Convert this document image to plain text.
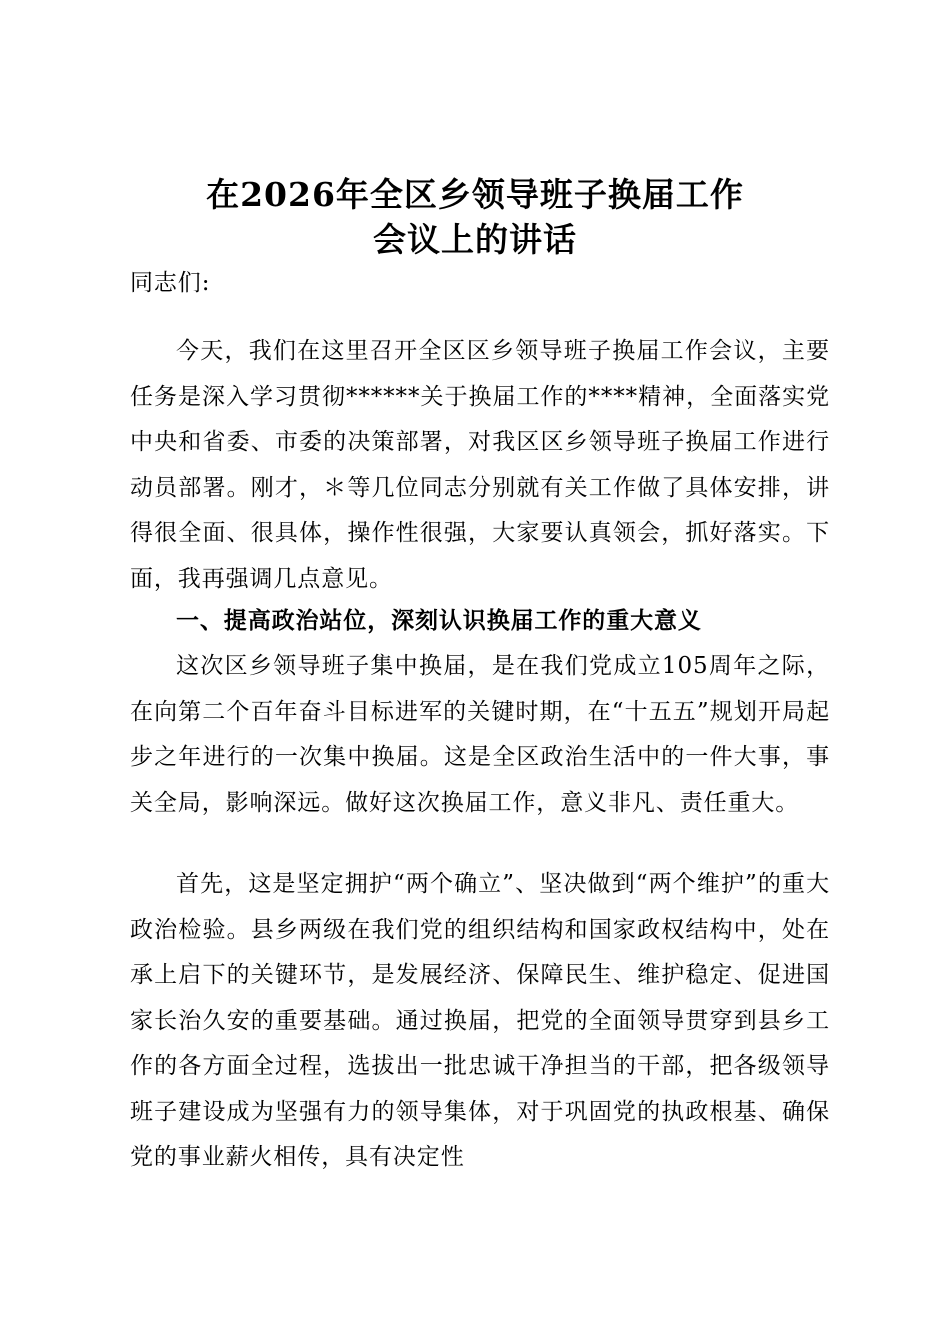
在2026年全区乡领导班子换届工作
会议上的讲话
同志们:

今天，我们在这里召开全区区乡领导班子换届工作会议，主要任务是深入学习贯彻******关于换届工作的****精神，全面落实党中央和省委、市委的决策部署，对我区区乡领导班子换届工作进行动员部署。刚才，＊等几位同志分别就有关工作做了具体安排，讲得很全面、很具体，操作性很强，大家要认真领会，抓好落实。下面，我再强调几点意见。

一、提高政治站位，深刻认识换届工作的重大意义

这次区乡领导班子集中换届，是在我们党成立105周年之际，在向第二个百年奋斗目标进军的关键时期，在“十五五”规划开局起步之年进行的一次集中换届。这是全区政治生活中的一件大事，事关全局，影响深远。做好这次换届工作，意义非凡、责任重大。

首先，这是坚定拥护“两个确立”、坚决做到“两个维护”的重大政治检验。县乡两级在我们党的组织结构和国家政权结构中，处在承上启下的关键环节，是发展经济、保障民生、维护稳定、促进国家长治久安的重要基础。通过换届，把党的全面领导贯穿到县乡工作的各方面全过程，选拔出一批忠诚干净担当的干部，把各级领导班子建设成为坚强有力的领导集体，对于巩固党的执政根基、确保党的事业薪火相传，具有决定性
